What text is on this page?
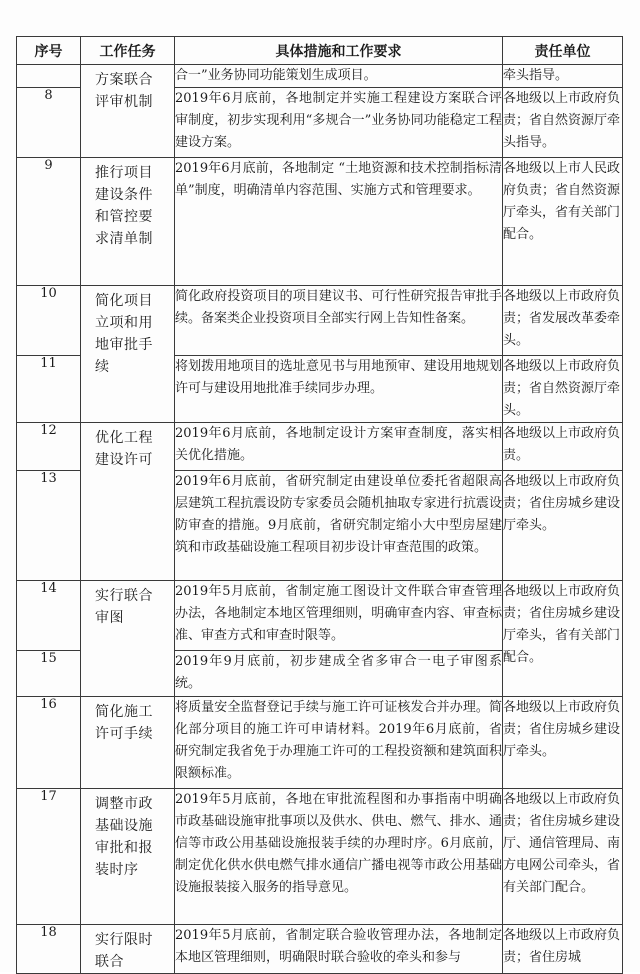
序号	工作任务	具体措施和工作要求	责任单位

	方案联合评审机制	合一”业务协同功能策划生成项目。	牵头指导。
8		2019年6月底前，各地制定并实施工程建设方案联合评审制度，初步实现利用“多规合一”业务协同功能稳定工程建设方案。	各地级以上市政府负责；省自然资源厅牵头指导。
9	推行项目建设条件和管控要求清单制	2019年6月底前，各地制定 “土地资源和技术控制指标清单”制度，明确清单内容范围、实施方式和管理要求。	各地级以上市人民政府负责；省自然资源厅牵头，省有关部门配合。
10	简化项目立项和用地审批手续	简化政府投资项目的项目建议书、可行性研究报告审批手续。备案类企业投资项目全部实行网上告知性备案。	各地级以上市政府负责；省发展改革委牵头。
11		将划拨用地项目的选址意见书与用地预审、建设用地规划许可与建设用地批准手续同步办理。	各地级以上市政府负责；省自然资源厅牵头。
12	优化工程建设许可	2019年6月底前，各地制定设计方案审查制度，落实相关优化措施。	各地级以上市政府负责。
13		2019年6月底前，省研究制定由建设单位委托省超限高层建筑工程抗震设防专家委员会随机抽取专家进行抗震设防审查的措施。9月底前，省研究制定缩小大中型房屋建筑和市政基础设施工程项目初步设计审查范围的政策。	各地级以上市政府负责；省住房城乡建设厅牵头。
14	实行联合审图	2019年5月底前，省制定施工图设计文件联合审查管理办法，各地制定本地区管理细则，明确审查内容、审查标准、审查方式和审查时限等。	各地级以上市政府负责；省住房城乡建设厅牵头，省有关部门配合。
15		2019年9月底前，初步建成全省多审合一电子审图系统。	
16	简化施工许可手续	将质量安全监督登记手续与施工许可证核发合并办理。简化部分项目的施工许可申请材料。2019年6月底前，省研究制定我省免于办理施工许可的工程投资额和建筑面积限额标准。	各地级以上市政府负责；省住房城乡建设厅牵头。
17	调整市政基础设施审批和报装时序	2019年5月底前，各地在审批流程图和办事指南中明确市政基础设施审批事项以及供水、供电、燃气、排水、通信等市政公用基础设施报装手续的办理时序。6月底前，制定优化供水供电燃气排水通信广播电视等市政公用基础设施报装接入服务的指导意见。	各地级以上市政府负责；省住房城乡建设厅、通信管理局、南方电网公司牵头，省有关部门配合。
18	实行限时联合	2019年5月底前，省制定联合验收管理办法，各地制定本地区管理细则，明确限时联合验收的牵头和参与	各地级以上市政府负责；省住房城
